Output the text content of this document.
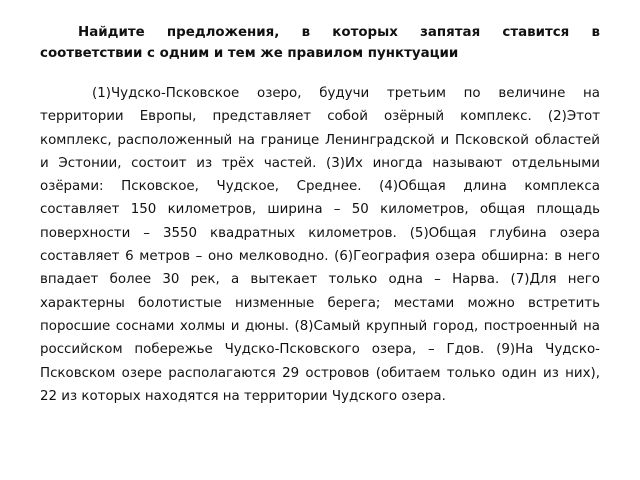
Найдите предложения, в которых запятая ставится в соответствии с одним и тем же правилом пунктуации

(1)Чудско-Псковское озеро, будучи третьим по величине на территории Европы, представляет собой озёрный комплекс. (2)Этот комплекс, расположенный на границе Ленинградской и Псковской областей и Эстонии, состоит из трёх частей. (3)Их иногда называют отдельными озёрами: Псковское, Чудское, Среднее. (4)Общая длина комплекса составляет 150 километров, ширина – 50 километров, общая площадь поверхности – 3550 квадратных километров. (5)Общая глубина озера составляет 6 метров – оно мелководно. (6)География озера обширна: в него впадает более 30 рек, а вытекает только одна – Нарва. (7)Для него характерны болотистые низменные берега; местами можно встретить поросшие соснами холмы и дюны. (8)Самый крупный город, построенный на российском побережье Чудско-Псковского озера, – Гдов. (9)На Чудско-Псковском озере располагаются 29 островов (обитаем только один из них), 22 из которых находятся на территории Чудского озера.
